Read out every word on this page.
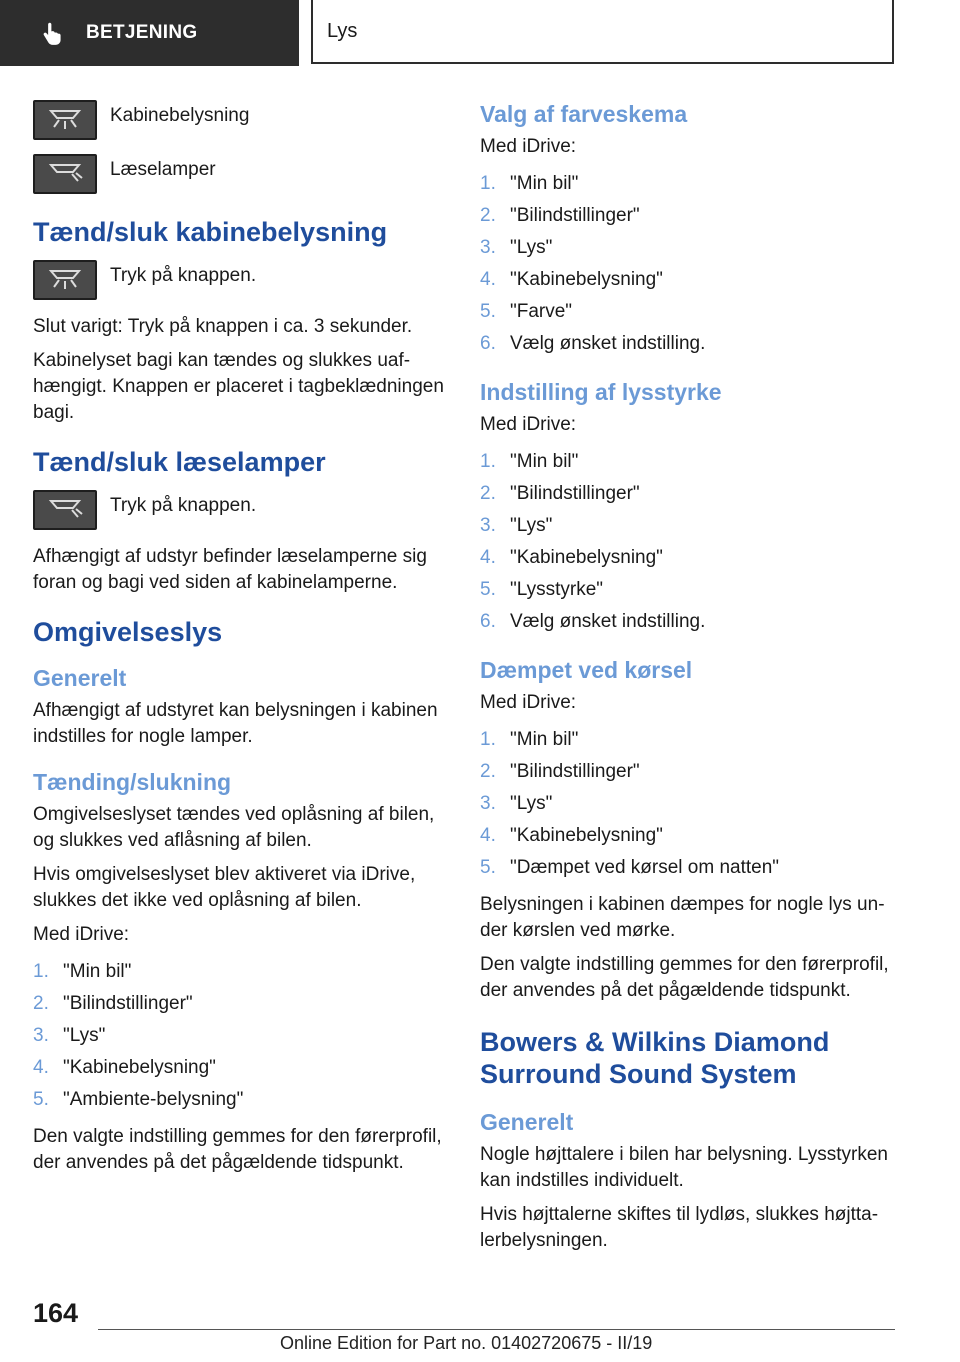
BETJENING	Lys
Kabinebelysning
Læselamper
Tænd/sluk kabinebelysning
Tryk på knappen.

Slut varigt: Tryk på knappen i ca. 3 sekunder.

Kabinelyset bagi kan tændes og slukkes uafhængigt. Knappen er placeret i tagbeklædningen bagi.

Tænd/sluk læselamper
Tryk på knappen.

Afhængigt af udstyr befinder læselamperne sig foran og bagi ved siden af kabinelamperne.

Omgivelseslys
Generelt

Afhængigt af udstyret kan belysningen i kabinen indstilles for nogle lamper.

Tænding/slukning

Omgivelseslyset tændes ved oplåsning af bilen, og slukkes ved aflåsning af bilen.

Hvis omgivelseslyset blev aktiveret via iDrive, slukkes det ikke ved oplåsning af bilen.

Med iDrive:

1. "Min bil"
2. "Bilindstillinger"
3. "Lys"
4. "Kabinebelysning"
5. "Ambiente-belysning"

Den valgte indstilling gemmes for den førerprofil, der anvendes på det pågældende tidspunkt.

Valg af farveskema

Med iDrive:

1. "Min bil"
2. "Bilindstillinger"
3. "Lys"
4. "Kabinebelysning"
5. "Farve"
6. Vælg ønsket indstilling.
Indstilling af lysstyrke

Med iDrive:

1. "Min bil"
2. "Bilindstillinger"
3. "Lys"
4. "Kabinebelysning"
5. "Lysstyrke"
6. Vælg ønsket indstilling.
Dæmpet ved kørsel

Med iDrive:

1. "Min bil"
2. "Bilindstillinger"
3. "Lys"
4. "Kabinebelysning"
5. "Dæmpet ved kørsel om natten"

Belysningen i kabinen dæmpes for nogle lys under kørslen ved mørke.

Den valgte indstilling gemmes for den førerprofil, der anvendes på det pågældende tidspunkt.

Bowers & Wilkins Diamond Surround Sound System
Generelt

Nogle højttalere i bilen har belysning. Lysstyrken kan indstilles individuelt.

Hvis højttalerne skiftes til lydløs, slukkes højttalerbelysningen.

164
Online Edition for Part no. 01402720675 - II/19
